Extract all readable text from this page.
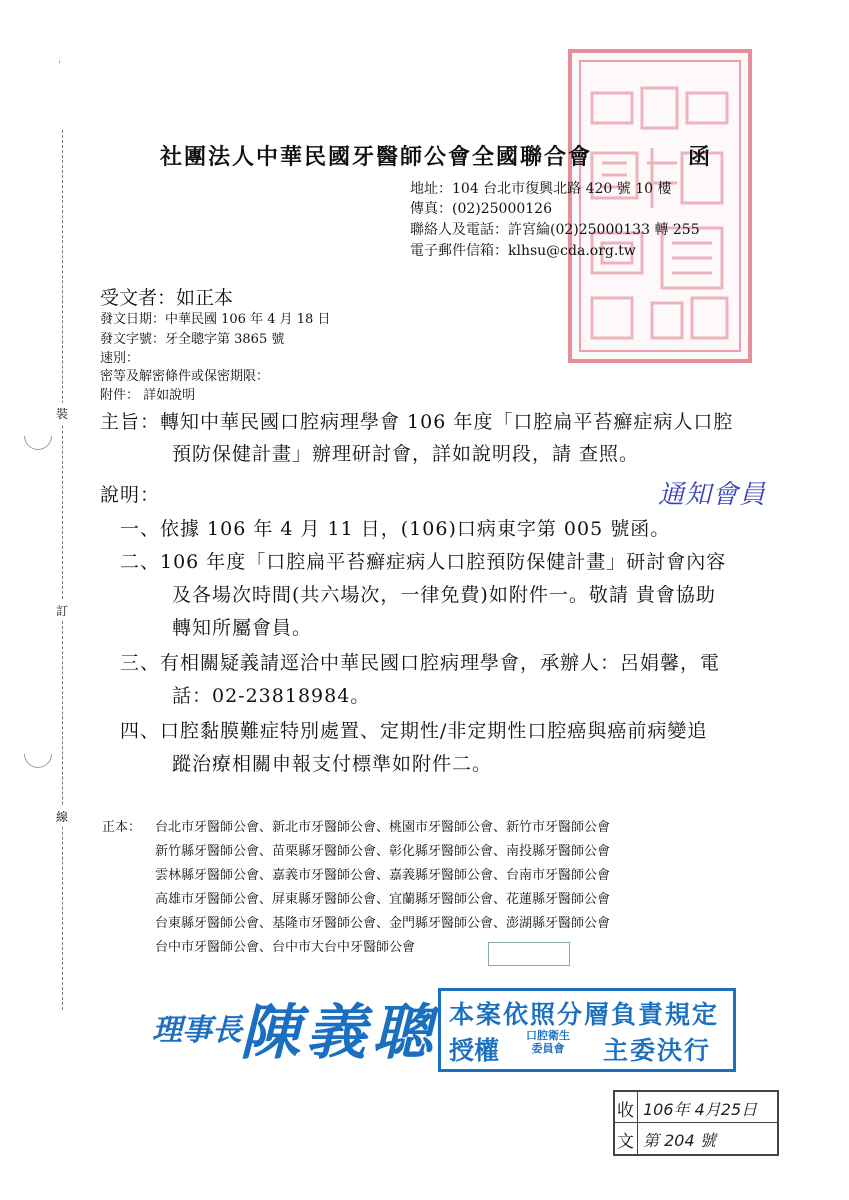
'
裝
訂
線
社團法人中華民國牙醫師公會全國聯合會	函
地址：104 台北市復興北路 420 號 10 樓
傳真：(02)25000126
聯絡人及電話：許宮綸(02)25000133 轉 255
電子郵件信箱：klhsu@cda.org.tw
受文者：如正本
發文日期：中華民國 106 年 4 月 18 日
發文字號：牙全聰字第 3865 號
速別：
密等及解密條件或保密期限：
附件： 詳如說明
主旨：轉知中華民國口腔病理學會 106 年度「口腔扁平苔癬症病人口腔
預防保健計畫」辦理研討會，詳如說明段，請 查照。
說明：
一、依據 106 年 4 月 11 日，(106)口病東字第 005 號函。
通知會員
二、106 年度「口腔扁平苔癬症病人口腔預防保健計畫」研討會內容
及各場次時間(共六場次，一律免費)如附件一。敬請 貴會協助
轉知所屬會員。
三、有相關疑義請逕洽中華民國口腔病理學會，承辦人：呂娟馨，電
話：02-23818984。
四、口腔黏膜難症特別處置、定期性/非定期性口腔癌與癌前病變追
蹤治療相關申報支付標準如附件二。
正本： 台北市牙醫師公會、新北市牙醫師公會、桃園市牙醫師公會、新竹市牙醫師公會
新竹縣牙醫師公會、苗栗縣牙醫師公會、彰化縣牙醫師公會、南投縣牙醫師公會
雲林縣牙醫師公會、嘉義市牙醫師公會、嘉義縣牙醫師公會、台南市牙醫師公會
高雄市牙醫師公會、屏東縣牙醫師公會、宜蘭縣牙醫師公會、花蓮縣牙醫師公會
台東縣牙醫師公會、基隆市牙醫師公會、金門縣牙醫師公會、澎湖縣牙醫師公會
台中市牙醫師公會、台中市大台中牙醫師公會
理事長
陳義聰 本案依照分層負責規定
授權
口腔衛生
委員會	主委決行
收 106年 4月25日
文 第 204 號
